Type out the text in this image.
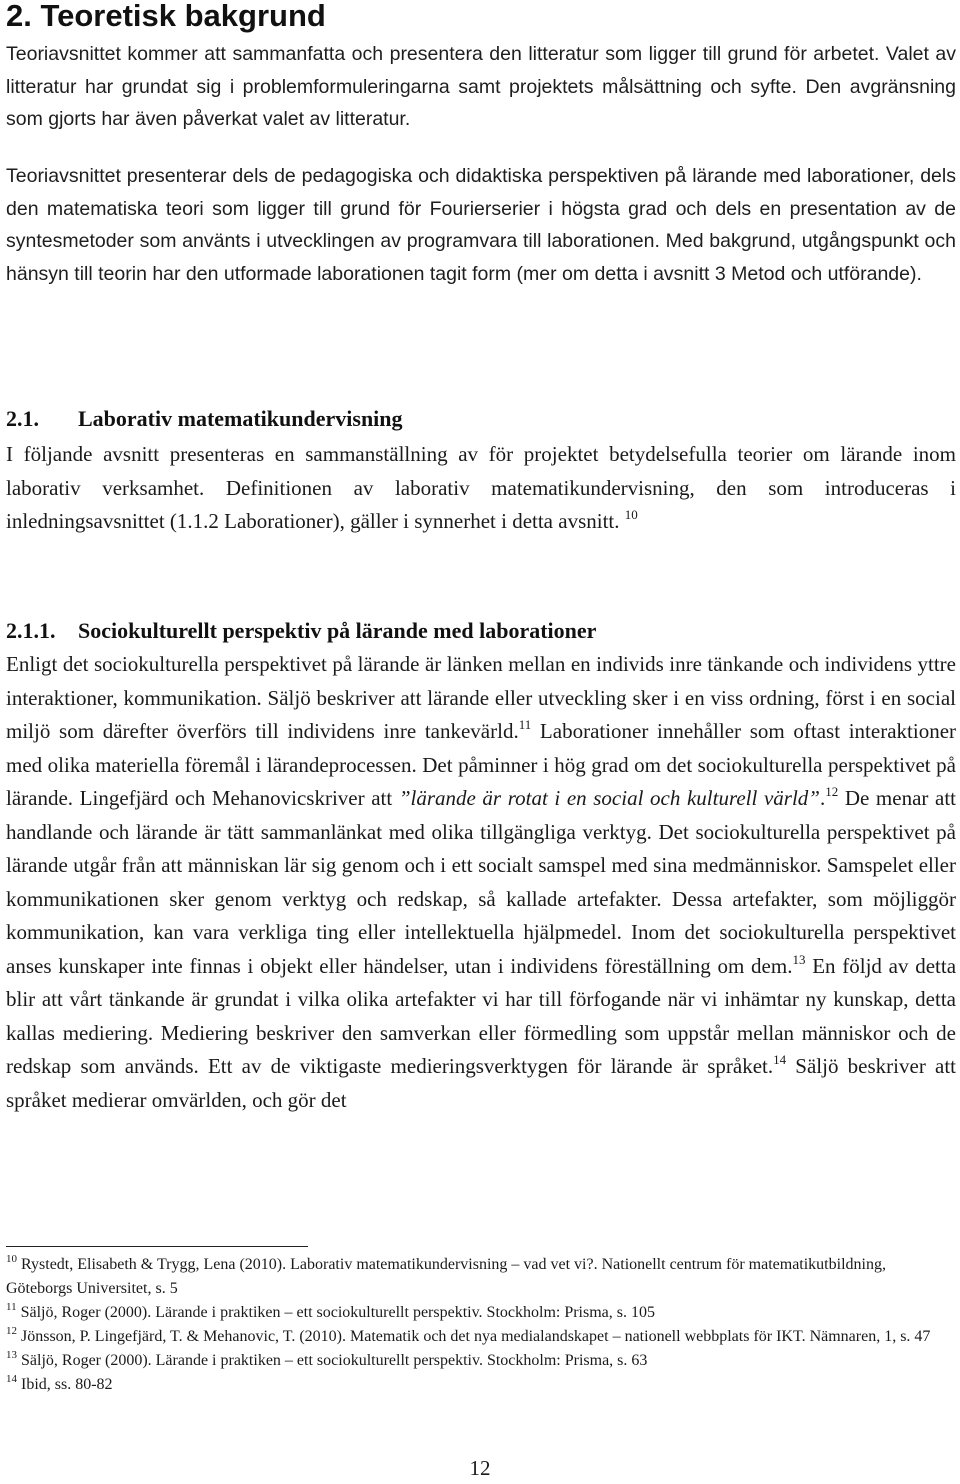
2. Teoretisk bakgrund

Teoriavsnittet kommer att sammanfatta och presentera den litteratur som ligger till grund för arbetet. Valet av litteratur har grundat sig i problemformuleringarna samt projektets målsättning och syfte. Den avgränsning som gjorts har även påverkat valet av litteratur.

Teoriavsnittet presenterar dels de pedagogiska och didaktiska perspektiven på lärande med laborationer, dels den matematiska teori som ligger till grund för Fourierserier i högsta grad och dels en presentation av de syntesmetoder som använts i utvecklingen av programvara till laborationen. Med bakgrund, utgångspunkt och hänsyn till teorin har den utformade laborationen tagit form (mer om detta i avsnitt 3 Metod och utförande).

2.1. Laborativ matematikundervisning

I följande avsnitt presenteras en sammanställning av för projektet betydelsefulla teorier om lärande inom laborativ verksamhet. Definitionen av laborativ matematikundervisning, den som introduceras i inledningsavsnittet (1.1.2 Laborationer), gäller i synnerhet i detta avsnitt. $^{10}$

2.1.1. Sociokulturellt perspektiv på lärande med laborationer

Enligt det sociokulturella perspektivet på lärande är länken mellan en individs inre tänkande och individens yttre interaktioner, kommunikation. Säljö beskriver att lärande eller utveckling sker i en viss ordning, först i en social miljö som därefter överförs till individens inre tankevärld.$^{11}$ Laborationer innehåller som oftast interaktioner med olika materiella föremål i lärandeprocessen. Det påminner i hög grad om det sociokulturella perspektivet på lärande. Lingefjärd och Mehanovicskriver att ”lärande är rotat i en social och kulturell värld”.$^{12}$ De menar att handlande och lärande är tätt sammanlänkat med olika tillgängliga verktyg. Det sociokulturella perspektivet på lärande utgår från att människan lär sig genom och i ett socialt samspel med sina medmänniskor. Samspelet eller kommunikationen sker genom verktyg och redskap, så kallade artefakter. Dessa artefakter, som möjliggör kommunikation, kan vara verkliga ting eller intellektuella hjälpmedel. Inom det sociokulturella perspektivet anses kunskaper inte finnas i objekt eller händelser, utan i individens föreställning om dem.$^{13}$ En följd av detta blir att vårt tänkande är grundat i vilka olika artefakter vi har till förfogande när vi inhämtar ny kunskap, detta kallas mediering. Mediering beskriver den samverkan eller förmedling som uppstår mellan människor och de redskap som används. Ett av de viktigaste medieringsverktygen för lärande är språket.$^{14}$ Säljö beskriver att språket medierar omvärlden, och gör det

$^{10}$ Rystedt, Elisabeth & Trygg, Lena (2010). Laborativ matematikundervisning – vad vet vi?. Nationellt centrum för matematikutbildning, Göteborgs Universitet, s. 5
$^{11}$ Säljö, Roger (2000). Lärande i praktiken – ett sociokulturellt perspektiv. Stockholm: Prisma, s. 105
$^{12}$ Jönsson, P. Lingefjärd, T. & Mehanovic, T. (2010). Matematik och det nya medialandskapet – nationell webbplats för IKT. Nämnaren, 1, s. 47
$^{13}$ Säljö, Roger (2000). Lärande i praktiken – ett sociokulturellt perspektiv. Stockholm: Prisma, s. 63
$^{14}$ Ibid, ss. 80-82
12
